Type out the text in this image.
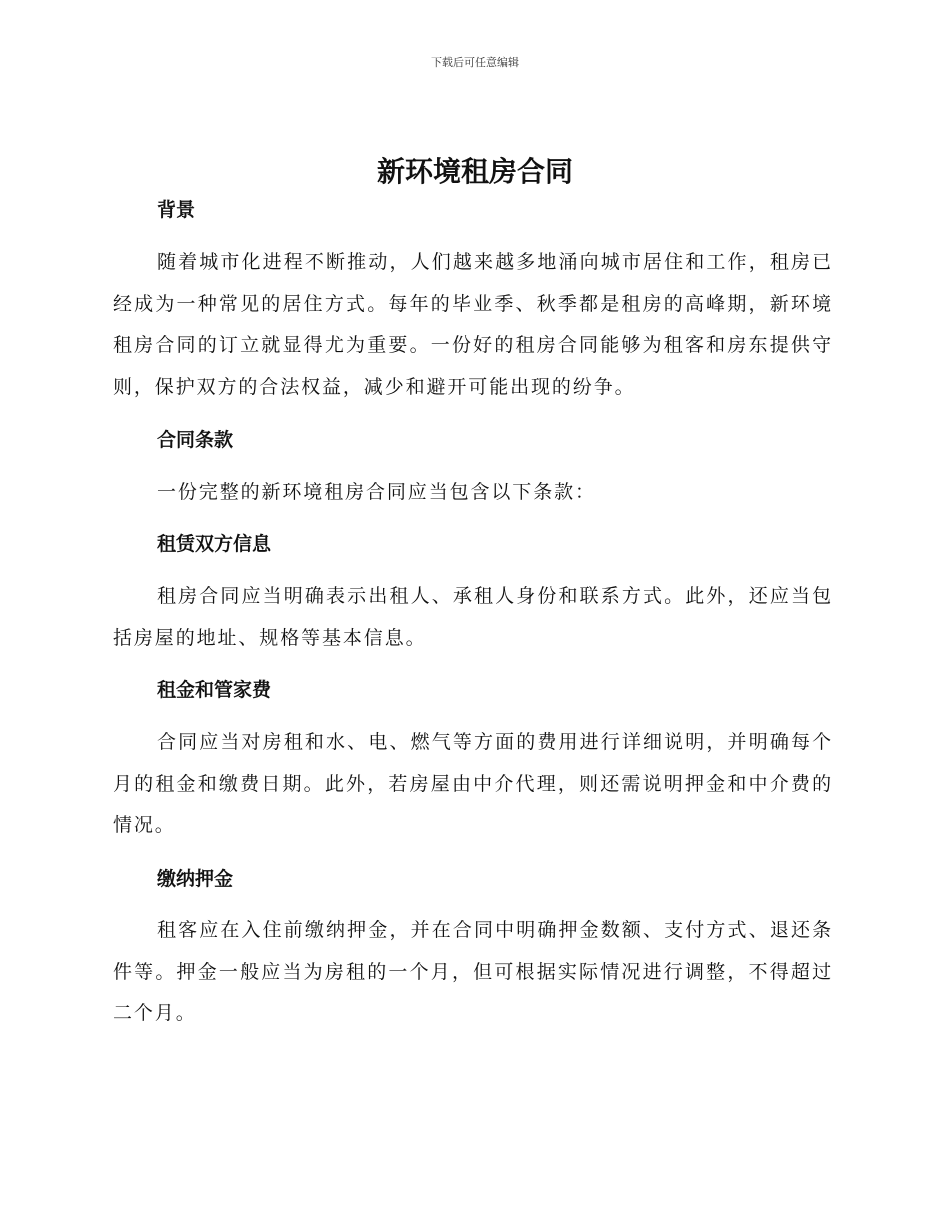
下载后可任意编辑
新环境租房合同
背景

随着城市化进程不断推动，人们越来越多地涌向城市居住和工作，租房已经成为一种常见的居住方式。每年的毕业季、秋季都是租房的高峰期，新环境租房合同的订立就显得尤为重要。一份好的租房合同能够为租客和房东提供守则，保护双方的合法权益，减少和避开可能出现的纷争。

合同条款

一份完整的新环境租房合同应当包含以下条款：

租赁双方信息

租房合同应当明确表示出租人、承租人身份和联系方式。此外，还应当包括房屋的地址、规格等基本信息。

租金和管家费

合同应当对房租和水、电、燃气等方面的费用进行详细说明，并明确每个月的租金和缴费日期。此外，若房屋由中介代理，则还需说明押金和中介费的情况。

缴纳押金

租客应在入住前缴纳押金，并在合同中明确押金数额、支付方式、退还条件等。押金一般应当为房租的一个月，但可根据实际情况进行调整，不得超过二个月。
